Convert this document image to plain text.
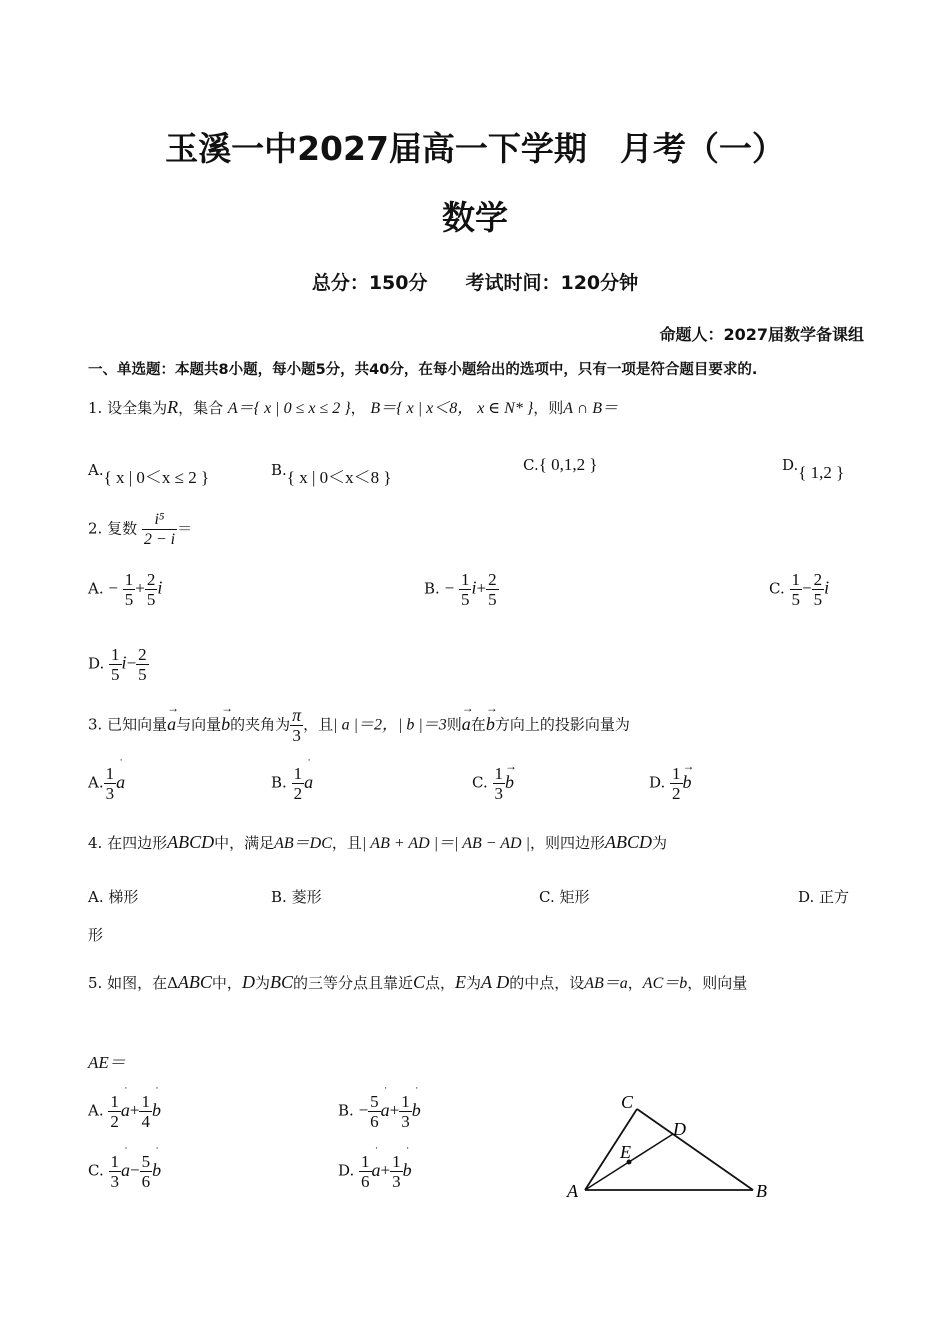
玉溪一中2027届高一下学期　月考（一）
数学
总分：150分　　考试时间：120分钟
命题人：2027届数学备课组
一、单选题：本题共8小题，每小题5分，共40分，在每小题给出的选项中，只有一项是符合题目要求的.
1. 设全集为R，集合 A＝{ x | 0 ≤ x ≤ 2 }， B＝{ x | x＜8， x ∈ N* }，则A ∩ B＝
A.{ x | 0＜x ≤ 2 }	B.{ x | 0＜x＜8 }
C.{ 0,1,2 }	D.{ 1,2 }
2. 复数 $\frac{\text{i⁵}}{2 - i}$ ＝
A. − $\frac{1}{5} + \frac{2}{5}$ i	B. − $\frac{1}{5} i+ \frac{2}{5}$	C. $\frac{1}{5} - \frac{2}{5}$ i
D. $\frac{1}{5} i- \frac{2}{5}$
3. 已知向量→ a与向量→ b的夹角为 $\frac{\pi}{3}$ ，且| a |＝2，| b |＝3则→ a在→ b方向上的投影向量为
A. $\frac{1}{3}$
˙ a	B. $\frac{1}{2}$
˙ a	C. $\frac{1}{3}$
→ b	D. $\frac{1}{2}$
→ b
4. 在四边形ABCD中，满足AB＝DC，且| AB + AD |＝| AB − AD |，则四边形ABCD为
A. 梯形	B. 菱形	C. 矩形	D. 正方
形
5. 如图，在ΔABC中，D为BC的三等分点且靠近C点，E为A D的中点，设AB＝a，AC＝b，则向量
AE＝
A. $\frac{1}{2}$
˙ $a+ \frac{1}{4}$
˙ b	B. − $\frac{5}{6}$
˙ $a+ \frac{1}{3}$
˙ b
C. $\frac{1}{3}$
˙ $a- \frac{5}{6}$
˙ b	D. $\frac{1}{6}$
˙ $a+ \frac{1}{3}$
˙ b
A	B
C
D
E
